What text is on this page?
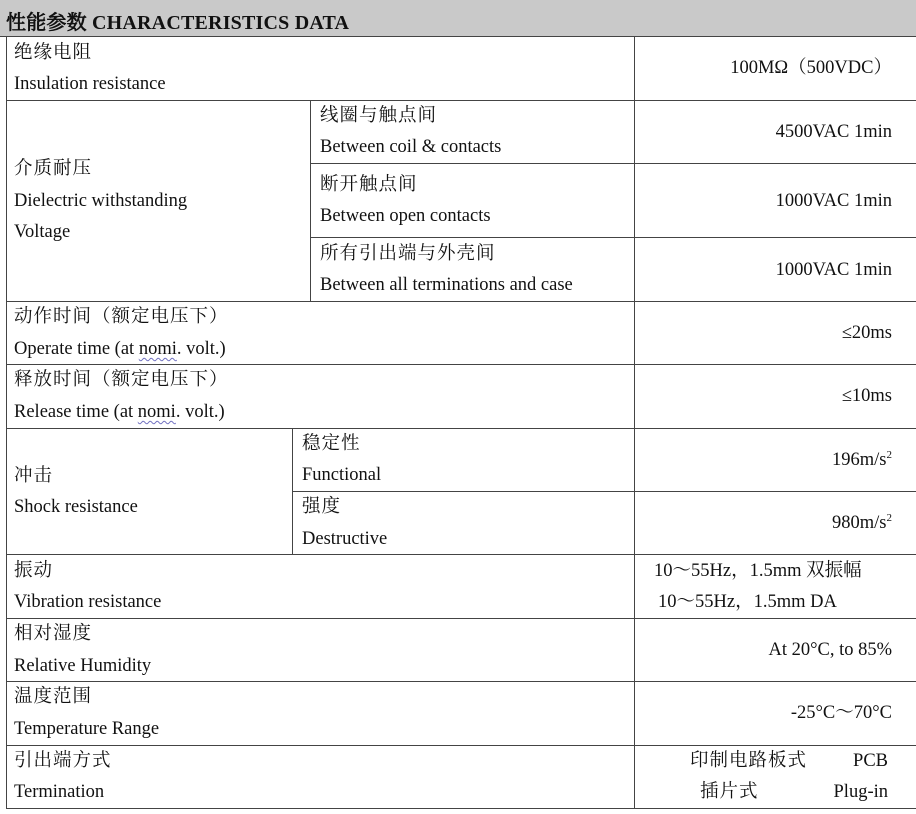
性能参数 CHARACTERISTICS DATA
绝缘电阻
Insulation resistance
100MΩ（500VDC）
介质耐压
Dielectric withstanding
Voltage
线圈与触点间
Between coil & contacts
4500VAC 1min
断开触点间
Between open contacts
1000VAC 1min
所有引出端与外壳间
Between all terminations and case
1000VAC 1min
动作时间（额定电压下）
Operate time (at nomi. volt.)
≤20ms
释放时间（额定电压下）
Release time (at nomi. volt.)
≤10ms
冲击
Shock resistance
稳定性
Functional
$196m/s^2$
强度
Destructive
$980m/s^2$
振动
Vibration resistance
10～55Hz，1.5mm 双振幅
10～55Hz，1.5mm DA
相对湿度
Relative Humidity
At 20°C, to 85%
温度范围
Temperature Range
-25°C～70°C
引出端方式
Termination
印制电路板式 PCB
插片式	Plug-in
